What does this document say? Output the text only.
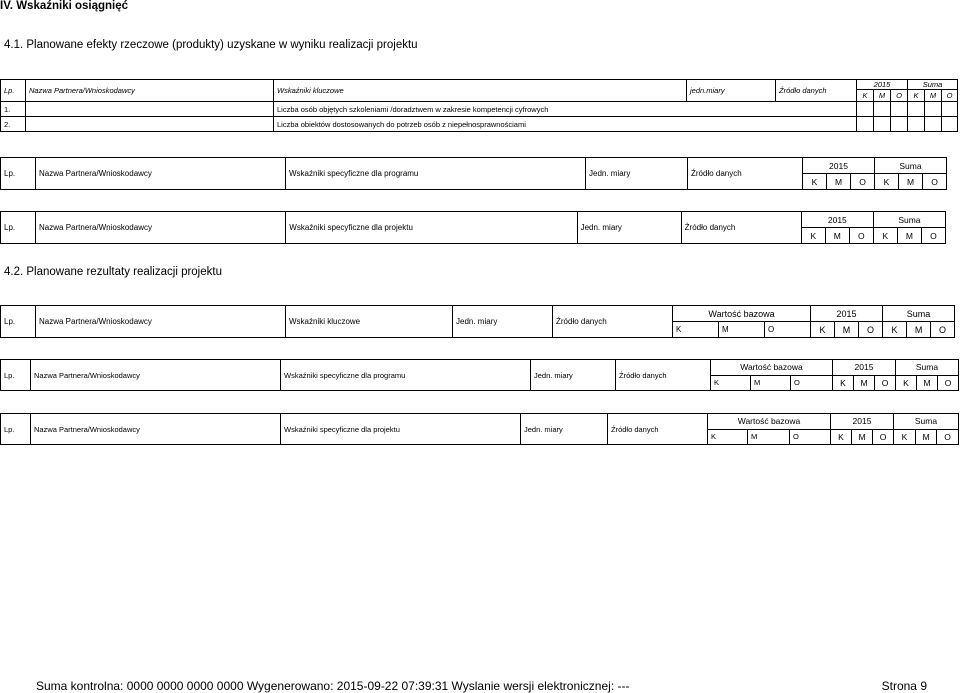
IV. Wskaźniki osiągnięć
4.1. Planowane efekty rzeczowe (produkty) uzyskane w wyniku realizacji projektu
Lp.	Nazwa Partnera/Wnioskodawcy	Wskaźniki kluczowe	jedn.miary	Źródło danych	2015			Suma		
					K	M	O	K	M	O
1.		Liczba osób objętych szkoleniami /doradztwem w zakresie kompetencji cyfrowych								
2.		Liczba obiektów dostosowanych do potrzeb osób z niepełnosprawnościami								
Lp.	Nazwa Partnera/Wnioskodawcy	Wskaźniki specyficzne dla programu	Jedn. miary	Źródło danych	2015			Suma		
					K	M	O	K	M	O
Lp.	Nazwa Partnera/Wnioskodawcy	Wskaźniki specyficzne dla projektu	Jedn. miary	Źródło danych	2015			Suma		
					K	M	O	K	M	O
4.2. Planowane rezultaty realizacji projektu
Lp.	Nazwa Partnera/Wnioskodawcy	Wskaźniki kluczowe	Jedn. miary	Źródło danych	Wartość bazowa			2015			Suma		
					K	M	O	K	M	O	K	M	O
Lp.	Nazwa Partnera/Wnioskodawcy	Wskaźniki specyficzne dla programu	Jedn. miary	Źródło danych	Wartość bazowa			2015			Suma		
					K	M	O	K	M	O	K	M	O
Lp.	Nazwa Partnera/Wnioskodawcy	Wskaźniki specyficzne dla projektu	Jedn. miary	Źródło danych	Wartość bazowa			2015			Suma		
					K	M	O	K	M	O	K	M	O
Suma kontrolna: 0000 0000 0000 0000 Wygenerowano: 2015-09-22 07:39:31 Wyslanie wersji elektronicznej: ---	Strona 9
